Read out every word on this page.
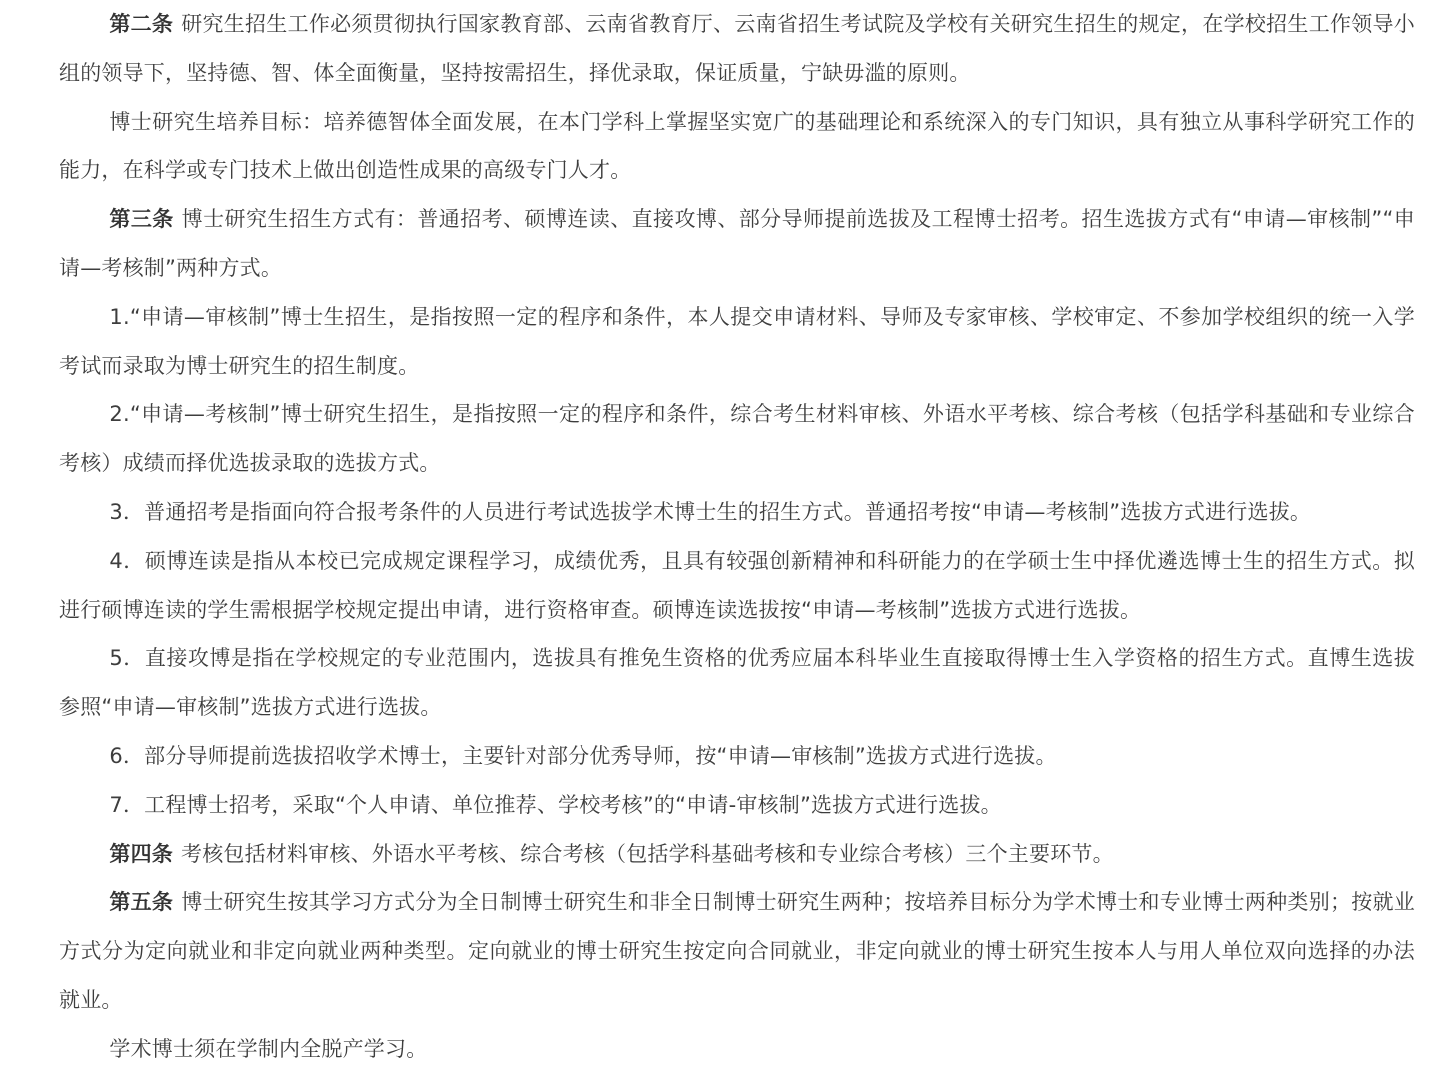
第二条 研究生招生工作必须贯彻执行国家教育部、云南省教育厅、云南省招生考试院及学校有关研究生招生的规定，在学校招生工作领导小组的领导下，坚持德、智、体全面衡量，坚持按需招生，择优录取，保证质量，宁缺毋滥的原则。

博士研究生培养目标：培养德智体全面发展，在本门学科上掌握坚实宽广的基础理论和系统深入的专门知识，具有独立从事科学研究工作的能力，在科学或专门技术上做出创造性成果的高级专门人才。

第三条 博士研究生招生方式有：普通招考、硕博连读、直接攻博、部分导师提前选拔及工程博士招考。招生选拔方式有“申请—审核制”“申请—考核制”两种方式。

1.“申请—审核制”博士生招生，是指按照一定的程序和条件，本人提交申请材料、导师及专家审核、学校审定、不参加学校组织的统一入学考试而录取为博士研究生的招生制度。

2.“申请—考核制”博士研究生招生，是指按照一定的程序和条件，综合考生材料审核、外语水平考核、综合考核（包括学科基础和专业综合考核）成绩而择优选拔录取的选拔方式。

3．普通招考是指面向符合报考条件的人员进行考试选拔学术博士生的招生方式。普通招考按“申请—考核制”选拔方式进行选拔。

4．硕博连读是指从本校已完成规定课程学习，成绩优秀，且具有较强创新精神和科研能力的在学硕士生中择优遴选博士生的招生方式。拟进行硕博连读的学生需根据学校规定提出申请，进行资格审查。硕博连读选拔按“申请—考核制”选拔方式进行选拔。

5．直接攻博是指在学校规定的专业范围内，选拔具有推免生资格的优秀应届本科毕业生直接取得博士生入学资格的招生方式。直博生选拔参照“申请—审核制”选拔方式进行选拔。

6．部分导师提前选拔招收学术博士，主要针对部分优秀导师，按“申请—审核制”选拔方式进行选拔。

7．工程博士招考，采取“个人申请、单位推荐、学校考核”的“申请-审核制”选拔方式进行选拔。

第四条 考核包括材料审核、外语水平考核、综合考核（包括学科基础考核和专业综合考核）三个主要环节。

第五条 博士研究生按其学习方式分为全日制博士研究生和非全日制博士研究生两种；按培养目标分为学术博士和专业博士两种类别；按就业方式分为定向就业和非定向就业两种类型。定向就业的博士研究生按定向合同就业，非定向就业的博士研究生按本人与用人单位双向选择的办法就业。

学术博士须在学制内全脱产学习。
